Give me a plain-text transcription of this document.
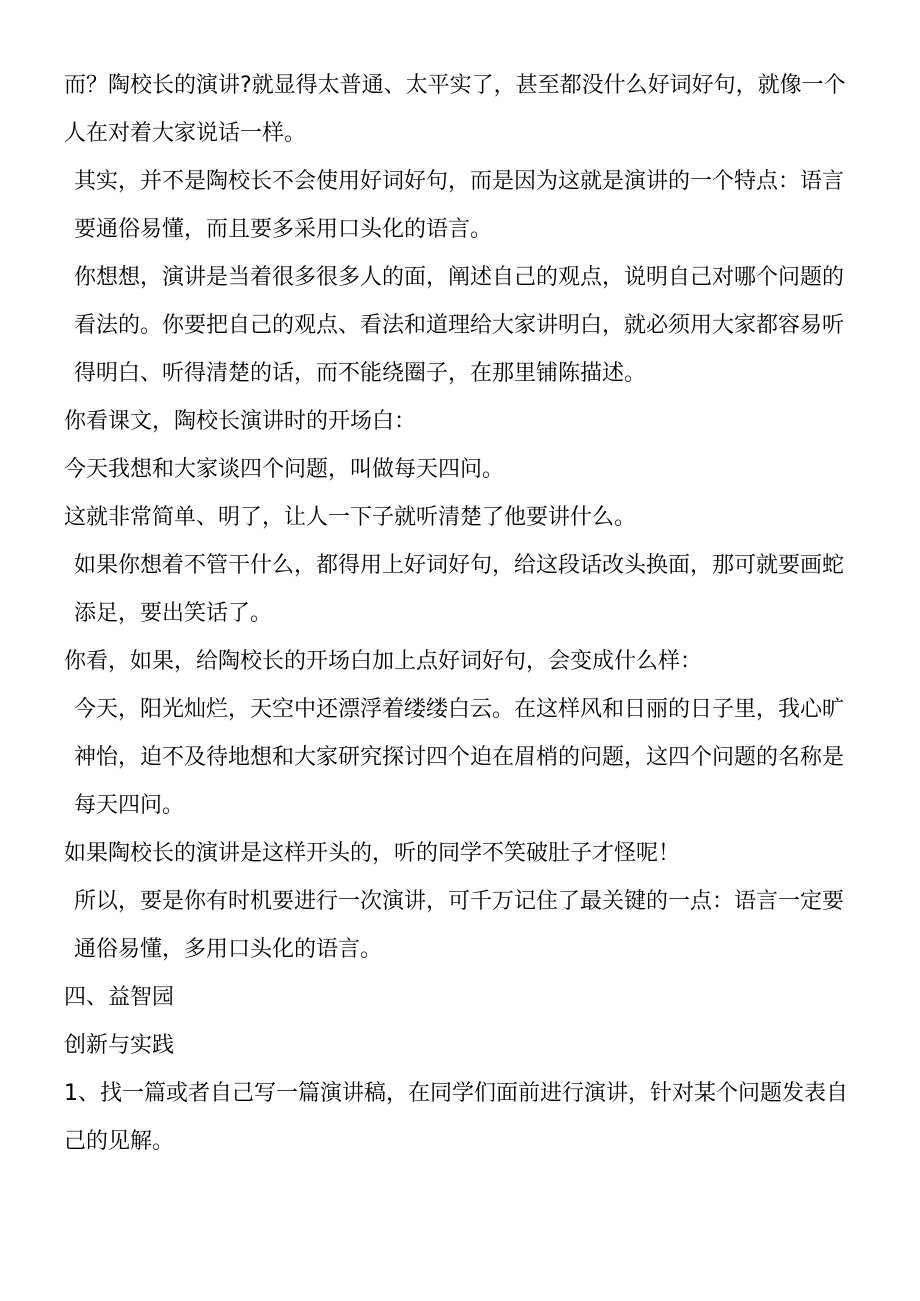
而？陶校长的演讲?就显得太普通、太平实了，甚至都没什么好词好句，就像一个人在对着大家说话一样。

其实，并不是陶校长不会使用好词好句，而是因为这就是演讲的一个特点：语言要通俗易懂，而且要多采用口头化的语言。

你想想，演讲是当着很多很多人的面，阐述自己的观点，说明自己对哪个问题的看法的。你要把自己的观点、看法和道理给大家讲明白，就必须用大家都容易听得明白、听得清楚的话，而不能绕圈子，在那里铺陈描述。

你看课文，陶校长演讲时的开场白：

今天我想和大家谈四个问题，叫做每天四问。

这就非常简单、明了，让人一下子就听清楚了他要讲什么。

如果你想着不管干什么，都得用上好词好句，给这段话改头换面，那可就要画蛇添足，要出笑话了。

你看，如果，给陶校长的开场白加上点好词好句，会变成什么样：

今天，阳光灿烂，天空中还漂浮着缕缕白云。在这样风和日丽的日子里，我心旷神怡，迫不及待地想和大家研究探讨四个迫在眉梢的问题，这四个问题的名称是每天四问。

如果陶校长的演讲是这样开头的，听的同学不笑破肚子才怪呢！

所以，要是你有时机要进行一次演讲，可千万记住了最关键的一点：语言一定要通俗易懂，多用口头化的语言。

四、益智园

创新与实践

1、找一篇或者自己写一篇演讲稿，在同学们面前进行演讲，针对某个问题发表自己的见解。
